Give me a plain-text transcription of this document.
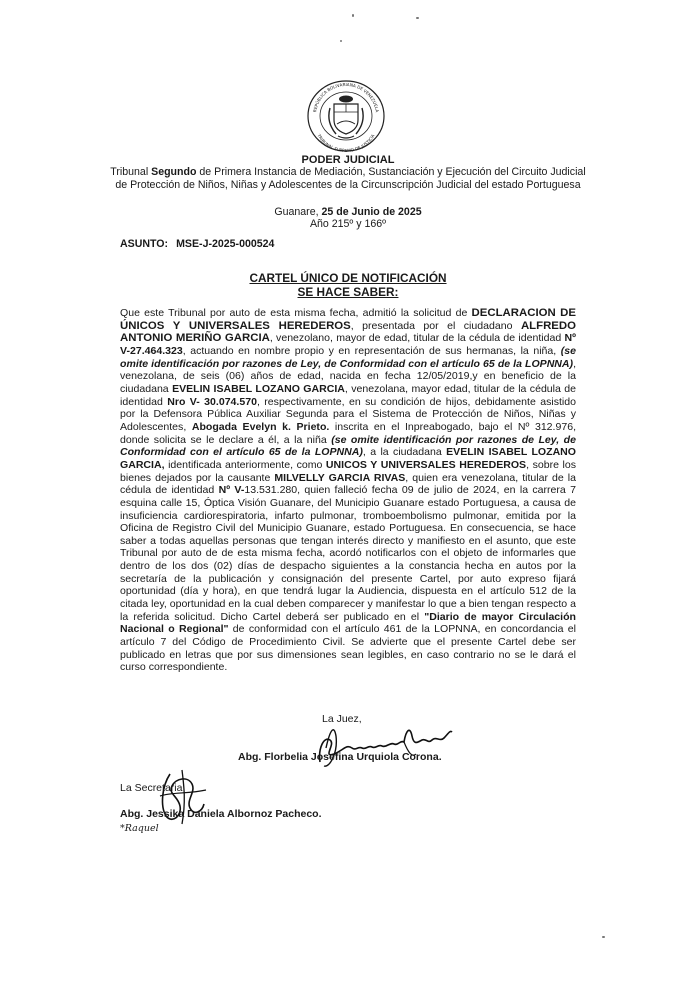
REPÚBLICA BOLIVARIANA DE VENEZUELA
TRIBUNAL SUPREMO DE JUSTICIA
PODER JUDICIAL
Tribunal Segundo de Primera Instancia de Mediación, Sustanciación y Ejecución del Circuito Judicial de Protección de Niños, Niñas y Adolescentes de la Circunscripción Judicial del estado Portuguesa
Guanare, 25 de Junio de 2025
Año 215º y 166º
ASUNTO: MSE-J-2025-000524
CARTEL ÚNICO DE NOTIFICACIÓN
SE HACE SABER:
Que este Tribunal por auto de esta misma fecha, admitió la solicitud de DECLARACION DE ÚNICOS Y UNIVERSALES HEREDEROS, presentada por el ciudadano ALFREDO ANTONIO MERIÑO GARCIA, venezolano, mayor de edad, titular de la cédula de identidad Nº V-27.464.323, actuando en nombre propio y en representación de sus hermanas, la niña, (se omite identificación por razones de Ley, de Conformidad con el artículo 65 de la LOPNNA), venezolana, de seis (06) años de edad, nacida en fecha 12/05/2019,y en beneficio de la ciudadana EVELIN ISABEL LOZANO GARCIA, venezolana, mayor edad, titular de la cédula de identidad Nro V- 30.074.570, respectivamente, en su condición de hijos, debidamente asistido por la Defensora Pública Auxiliar Segunda para el Sistema de Protección de Niños, Niñas y Adolescentes, Abogada Evelyn k. Prieto. inscrita en el Inpreabogado, bajo el Nº 312.976, donde solicita se le declare a él, a la niña (se omite identificación por razones de Ley, de Conformidad con el artículo 65 de la LOPNNA), a la ciudadana EVELIN ISABEL LOZANO GARCIA, identificada anteriormente, como UNICOS Y UNIVERSALES HEREDEROS, sobre los bienes dejados por la causante MILVELLY GARCIA RIVAS, quien era venezolana, titular de la cédula de identidad Nº V-13.531.280, quien falleció fecha 09 de julio de 2024, en la carrera 7 esquina calle 15, Óptica Visión Guanare, del Municipio Guanare estado Portuguesa, a causa de insuficiencia cardiorespiratoria, infarto pulmonar, tromboembolismo pulmonar, emitida por la Oficina de Registro Civil del Municipio Guanare, estado Portuguesa. En consecuencia, se hace saber a todas aquellas personas que tengan interés directo y manifiesto en el asunto, que este Tribunal por auto de de esta misma fecha, acordó notificarlos con el objeto de informarles que dentro de los dos (02) días de despacho siguientes a la constancia hecha en autos por la secretaría de la publicación y consignación del presente Cartel, por auto expreso fijará oportunidad (día y hora), en que tendrá lugar la Audiencia, dispuesta en el artículo 512 de la citada ley, oportunidad en la cual deben comparecer y manifestar lo que a bien tengan respecto a la referida solicitud. Dicho Cartel deberá ser publicado en el "Diario de mayor Circulación Nacional o Regional" de conformidad con el artículo 461 de la LOPNNA, en concordancia el artículo 7 del Código de Procedimiento Civil. Se advierte que el presente Cartel debe ser publicado en letras que por sus dimensiones sean legibles, en caso contrario no se le dará el curso correspondiente.
La Juez,
Abg. Florbelia Josefina Urquiola Corona.
La Secretaria,
Abg. Jessika Daniela Albornoz Pacheco.
*Raquel
